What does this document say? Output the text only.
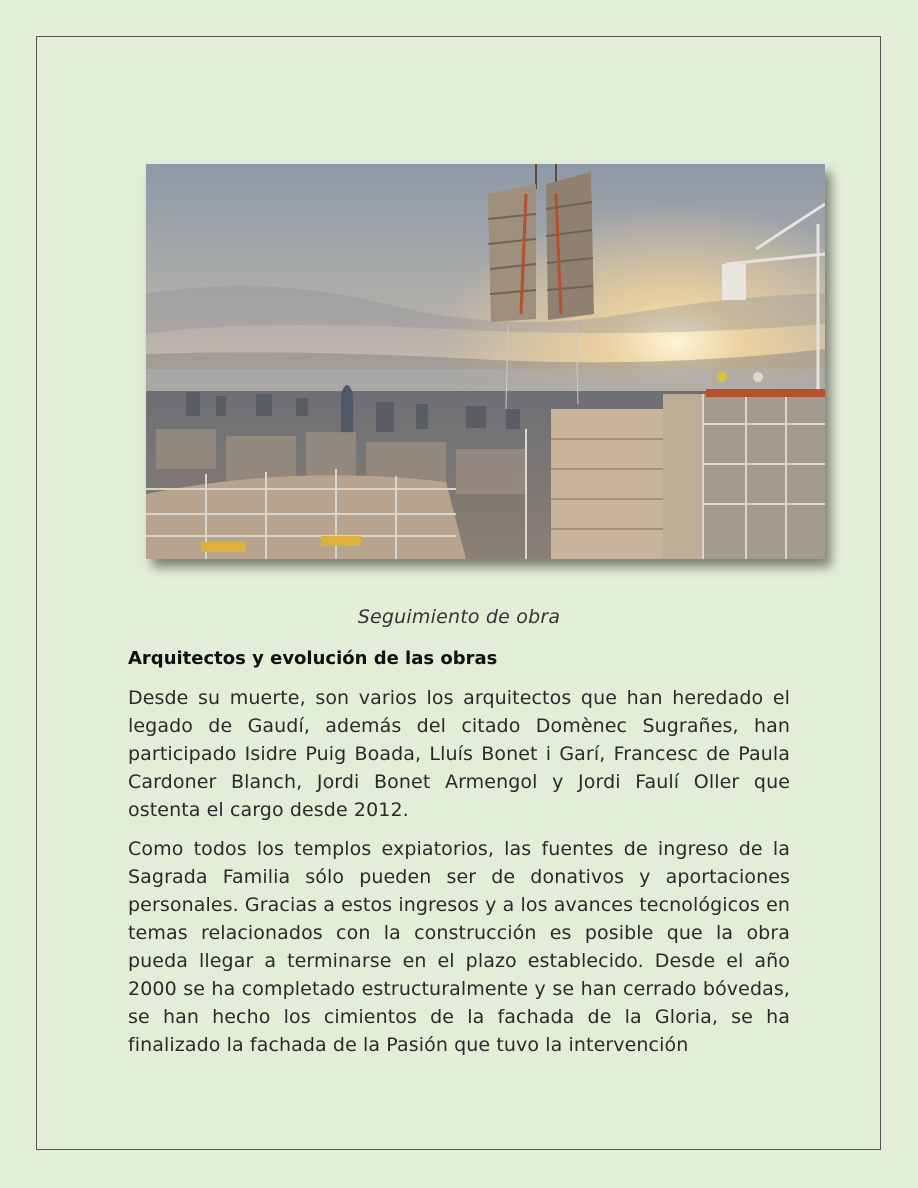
Seguimiento de obra
Arquitectos y evolución de las obras

Desde su muerte, son varios los arquitectos que han heredado el legado de Gaudí, además del citado Domènec Sugrañes, han participado Isidre Puig Boada, Lluís Bonet i Garí, Francesc de Paula Cardoner Blanch, Jordi Bonet Armengol y Jordi Faulí Oller que ostenta el cargo desde 2012.

Como todos los templos expiatorios, las fuentes de ingreso de la Sagrada Familia sólo pueden ser de donativos y aportaciones personales. Gracias a estos ingresos y a los avances tecnológicos en temas relacionados con la construcción es posible que la obra pueda llegar a terminarse en el plazo establecido. Desde el año 2000 se ha completado estructuralmente y se han cerrado bóvedas, se han hecho los cimientos de la fachada de la Gloria, se ha finalizado la fachada de la Pasión que tuvo la intervención
